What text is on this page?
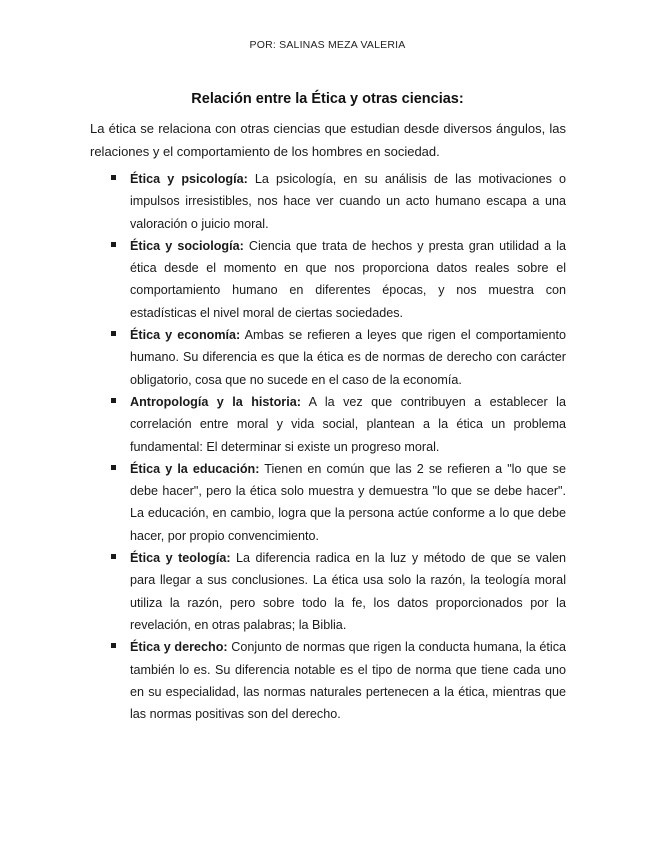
POR: SALINAS MEZA VALERIA
Relación entre la Ética y otras ciencias:

La ética se relaciona con otras ciencias que estudian desde diversos ángulos, las relaciones y el comportamiento de los hombres en sociedad.

Ética y psicología: La psicología, en su análisis de las motivaciones o impulsos irresistibles, nos hace ver cuando un acto humano escapa a una valoración o juicio moral.
Ética y sociología: Ciencia que trata de hechos y presta gran utilidad a la ética desde el momento en que nos proporciona datos reales sobre el comportamiento humano en diferentes épocas, y nos muestra con estadísticas el nivel moral de ciertas sociedades.
Ética y economía: Ambas se refieren a leyes que rigen el comportamiento humano. Su diferencia es que la ética es de normas de derecho con carácter obligatorio, cosa que no sucede en el caso de la economía.
Antropología y la historia: A la vez que contribuyen a establecer la correlación entre moral y vida social, plantean a la ética un problema fundamental: El determinar si existe un progreso moral.
Ética y la educación: Tienen en común que las 2 se refieren a "lo que se debe hacer", pero la ética solo muestra y demuestra "lo que se debe hacer". La educación, en cambio, logra que la persona actúe conforme a lo que debe hacer, por propio convencimiento.
Ética y teología: La diferencia radica en la luz y método de que se valen para llegar a sus conclusiones. La ética usa solo la razón, la teología moral utiliza la razón, pero sobre todo la fe, los datos proporcionados por la revelación, en otras palabras; la Biblia.
Ética y derecho: Conjunto de normas que rigen la conducta humana, la ética también lo es. Su diferencia notable es el tipo de norma que tiene cada uno en su especialidad, las normas naturales pertenecen a la ética, mientras que las normas positivas son del derecho.
